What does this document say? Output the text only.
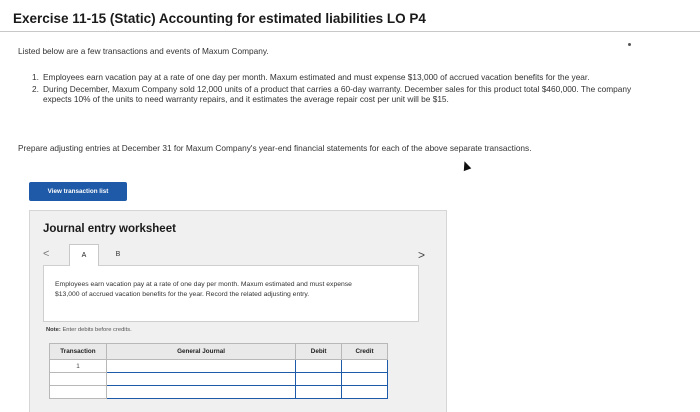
Exercise 11-15 (Static) Accounting for estimated liabilities LO P4
Listed below are a few transactions and events of Maxum Company.
1. Employees earn vacation pay at a rate of one day per month. Maxum estimated and must expense $13,000 of accrued vacation benefits for the year.
2. During December, Maxum Company sold 12,000 units of a product that carries a 60-day warranty. December sales for this product total $460,000. The company expects 10% of the units to need warranty repairs, and it estimates the average repair cost per unit will be $15.
Prepare adjusting entries at December 31 for Maxum Company's year-end financial statements for each of the above separate transactions.
View transaction list
Journal entry worksheet
<	>
A	B
Employees earn vacation pay at a rate of one day per month. Maxum estimated and must expense $13,000 of accrued vacation benefits for the year. Record the related adjusting entry.
Note: Enter debits before credits.
Transaction	General Journal	Debit	Credit
1			
